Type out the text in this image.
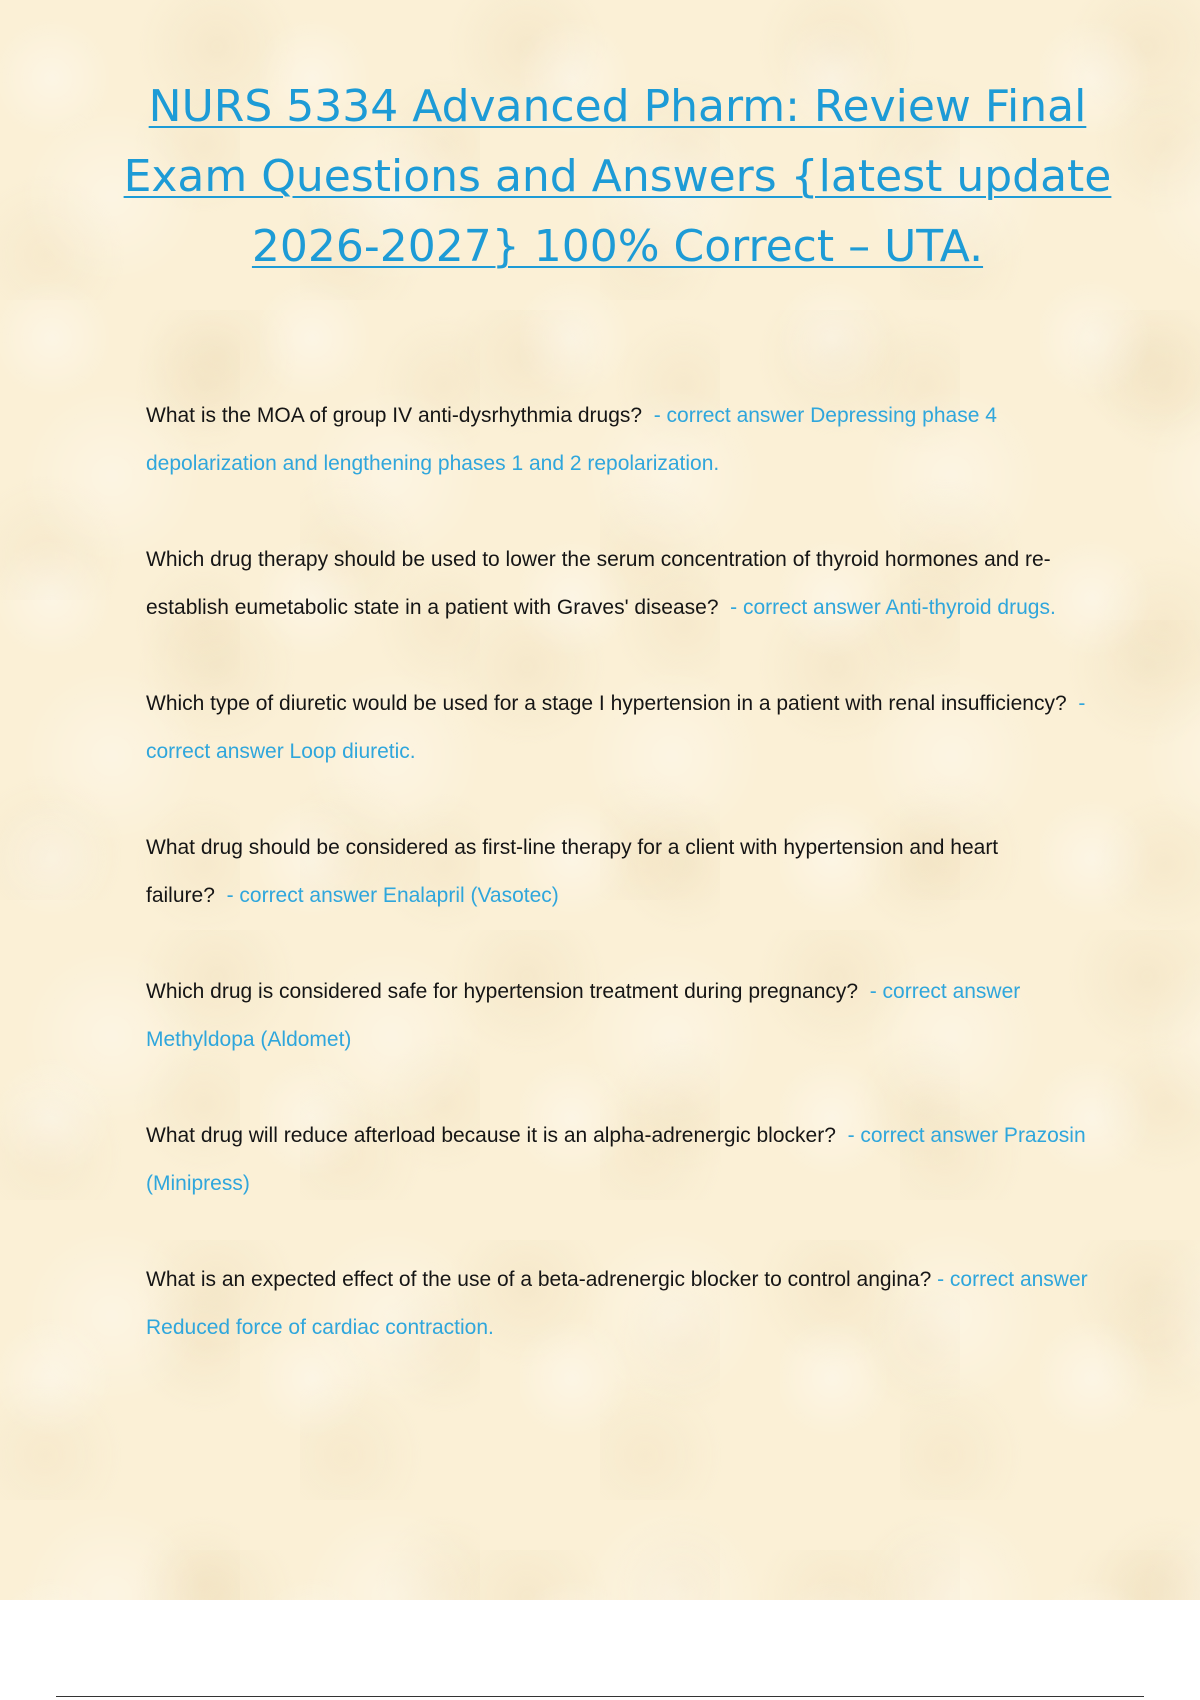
NURS 5334 Advanced Pharm: Review Final Exam Questions and Answers {latest update 2026-2027} 100% Correct – UTA.

What is the MOA of group IV anti-dysrhythmia drugs? - correct answer Depressing phase 4 depolarization and lengthening phases 1 and 2 repolarization.

Which drug therapy should be used to lower the serum concentration of thyroid hormones and re-establish eumetabolic state in a patient with Graves' disease? - correct answer Anti-thyroid drugs.

Which type of diuretic would be used for a stage I hypertension in a patient with renal insufficiency? - correct answer Loop diuretic.

What drug should be considered as first-line therapy for a client with hypertension and heart failure? - correct answer Enalapril (Vasotec)

Which drug is considered safe for hypertension treatment during pregnancy? - correct answer Methyldopa (Aldomet)

What drug will reduce afterload because it is an alpha-adrenergic blocker? - correct answer Prazosin (Minipress)

What is an expected effect of the use of a beta-adrenergic blocker to control angina? - correct answer Reduced force of cardiac contraction.
